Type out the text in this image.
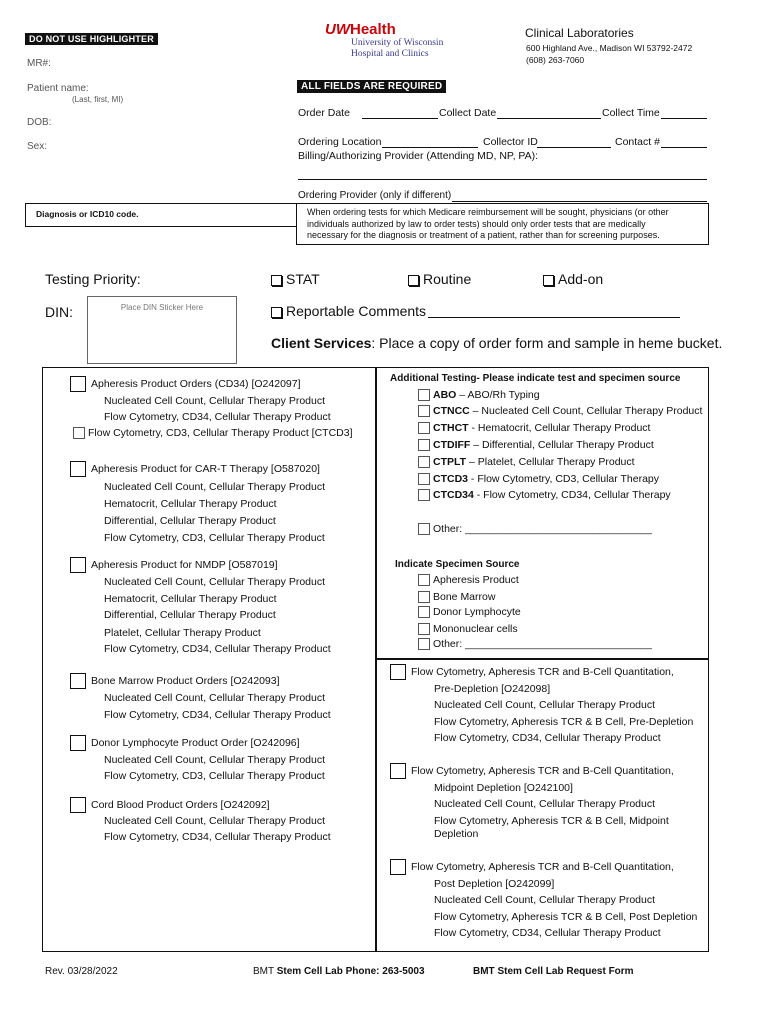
DO NOT USE HIGHLIGHTER
MR#:
Patient name:
(Last, first, MI)
DOB:
Sex:
UWHealth
University of Wisconsin
Hospital and Clinics
Clinical Laboratories
600 Highland Ave., Madison WI 53792-2472
(608) 263-7060
ALL FIELDS ARE REQUIRED
Order Date	Collect Date	Collect Time
Ordering Location	Collector ID	Contact #
Billing/Authorizing Provider (Attending MD, NP, PA):
Ordering Provider (only if different)
Diagnosis or ICD10 code.	When ordering tests for which Medicare reimbursement will be sought, physicians (or other
individuals authorized by law to order tests) should only order tests that are medically
necessary for the diagnosis or treatment of a patient, rather than for screening purposes.
Testing Priority:	STAT	Routine	Add-on
DIN:	Place DIN Sticker Here	Reportable Comments
Client Services: Place a copy of order form and sample in heme bucket.
Apheresis Product Orders (CD34) [O242097]
Nucleated Cell Count, Cellular Therapy Product
Flow Cytometry, CD34, Cellular Therapy Product
Flow Cytometry, CD3, Cellular Therapy Product [CTCD3]
Apheresis Product for CAR-T Therapy [O587020]
Nucleated Cell Count, Cellular Therapy Product
Hematocrit, Cellular Therapy Product
Differential, Cellular Therapy Product
Flow Cytometry, CD3, Cellular Therapy Product
Apheresis Product for NMDP [O587019]
Nucleated Cell Count, Cellular Therapy Product
Hematocrit, Cellular Therapy Product
Differential, Cellular Therapy Product
Platelet, Cellular Therapy Product
Flow Cytometry, CD34, Cellular Therapy Product
Bone Marrow Product Orders [O242093]
Nucleated Cell Count, Cellular Therapy Product
Flow Cytometry, CD34, Cellular Therapy Product
Donor Lymphocyte Product Order [O242096]
Nucleated Cell Count, Cellular Therapy Product
Flow Cytometry, CD3, Cellular Therapy Product
Cord Blood Product Orders [O242092]
Nucleated Cell Count, Cellular Therapy Product
Flow Cytometry, CD34, Cellular Therapy Product
Additional Testing- Please indicate test and specimen source
ABO – ABO/Rh Typing
CTNCC – Nucleated Cell Count, Cellular Therapy Product
CTHCT - Hematocrit, Cellular Therapy Product
CTDIFF – Differential, Cellular Therapy Product
CTPLT – Platelet, Cellular Therapy Product
CTCD3 - Flow Cytometry, CD3, Cellular Therapy
CTCD34 - Flow Cytometry, CD34, Cellular Therapy
Other: ________________________________
Indicate Specimen Source
Apheresis Product
Bone Marrow
Donor Lymphocyte
Mononuclear cells
Other: ________________________________
Flow Cytometry, Apheresis TCR and B-Cell Quantitation,
Pre-Depletion [O242098]
Nucleated Cell Count, Cellular Therapy Product
Flow Cytometry, Apheresis TCR & B Cell, Pre-Depletion
Flow Cytometry, CD34, Cellular Therapy Product
Flow Cytometry, Apheresis TCR and B-Cell Quantitation,
Midpoint Depletion [O242100]
Nucleated Cell Count, Cellular Therapy Product
Flow Cytometry, Apheresis TCR & B Cell, Midpoint
Depletion
Flow Cytometry, Apheresis TCR and B-Cell Quantitation,
Post Depletion [O242099]
Nucleated Cell Count, Cellular Therapy Product
Flow Cytometry, Apheresis TCR & B Cell, Post Depletion
Flow Cytometry, CD34, Cellular Therapy Product
Rev. 03/28/2022	BMT Stem Cell Lab Phone: 263-5003	BMT Stem Cell Lab Request Form
